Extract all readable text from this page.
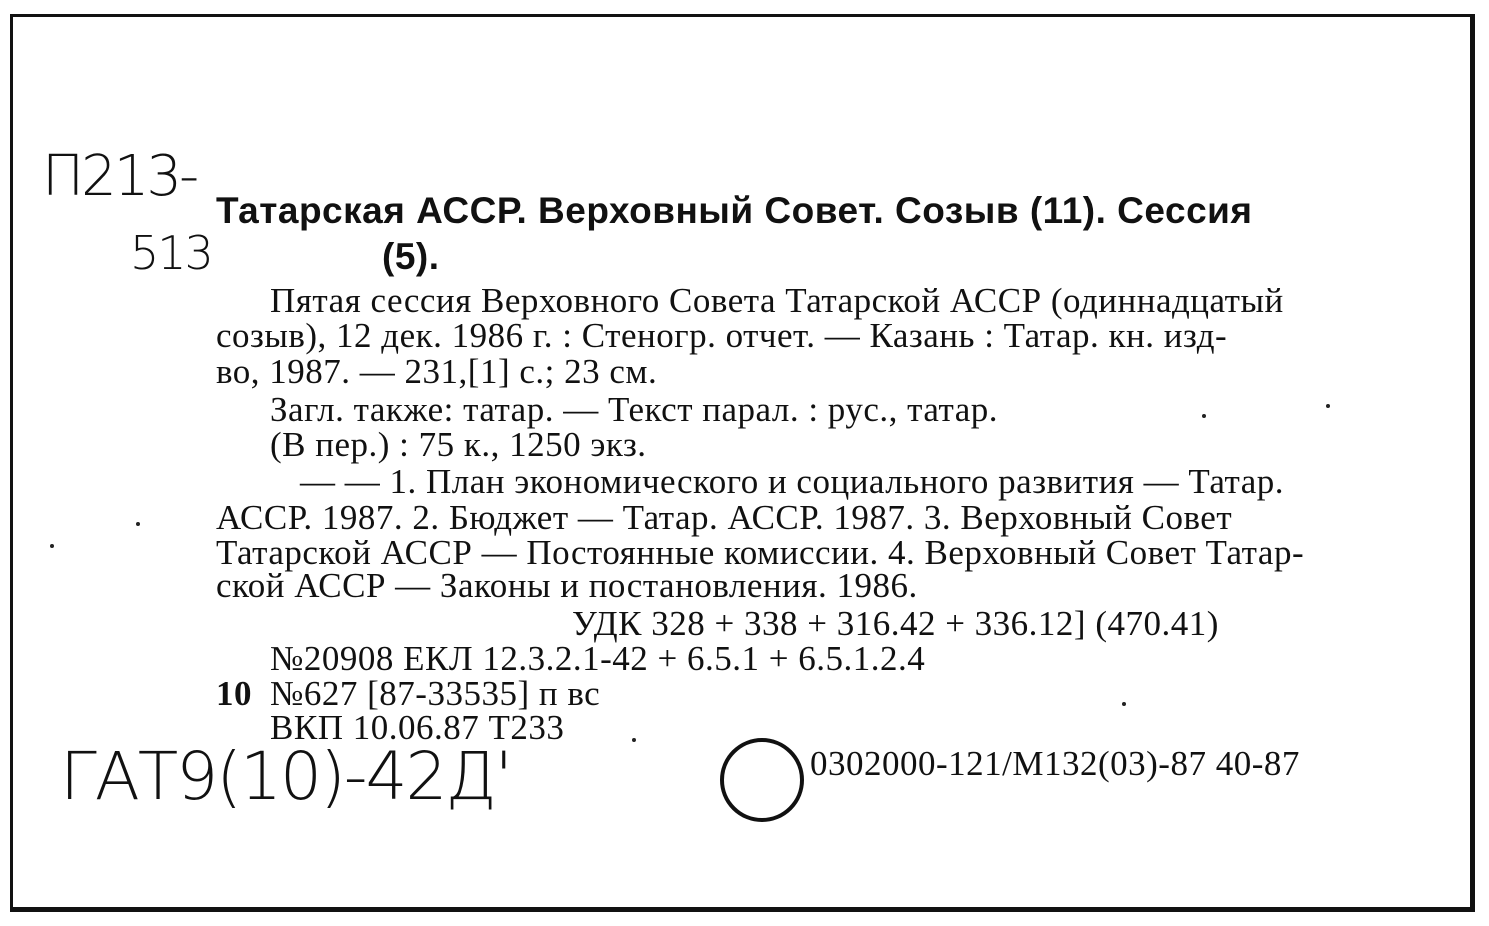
П213-
513
Татарская АССР. Верховный Совет. Созыв (11). Сессия
(5).
Пятая сессия Верховного Совета Татарской АССР (одиннадцатый
созыв), 12 дек. 1986 г. : Стеногр. отчет. — Казань : Татар. кн. изд-
во, 1987. — 231,[1] с.; 23 см.
Загл. также: татар. — Текст парал. : рус., татар.
(В пер.) : 75 к., 1250 экз.
— — 1. План экономического и социального развития — Татар.
АССР. 1987. 2. Бюджет — Татар. АССР. 1987. 3. Верховный Совет
Татарской АССР — Постоянные комиссии. 4. Верховный Совет Татар-
ской АССР — Законы и постановления. 1986.
УДК 328 + 338 + 316.42 + 336.12] (470.41)
№20908 ЕКЛ 12.3.2.1-42 + 6.5.1 + 6.5.1.2.4
10 №627 [87-33535] п вс
ВКП 10.06.87 Т233
ГАТ9(10)-42Д'	0302000-121/М132(03)-87 40-87
